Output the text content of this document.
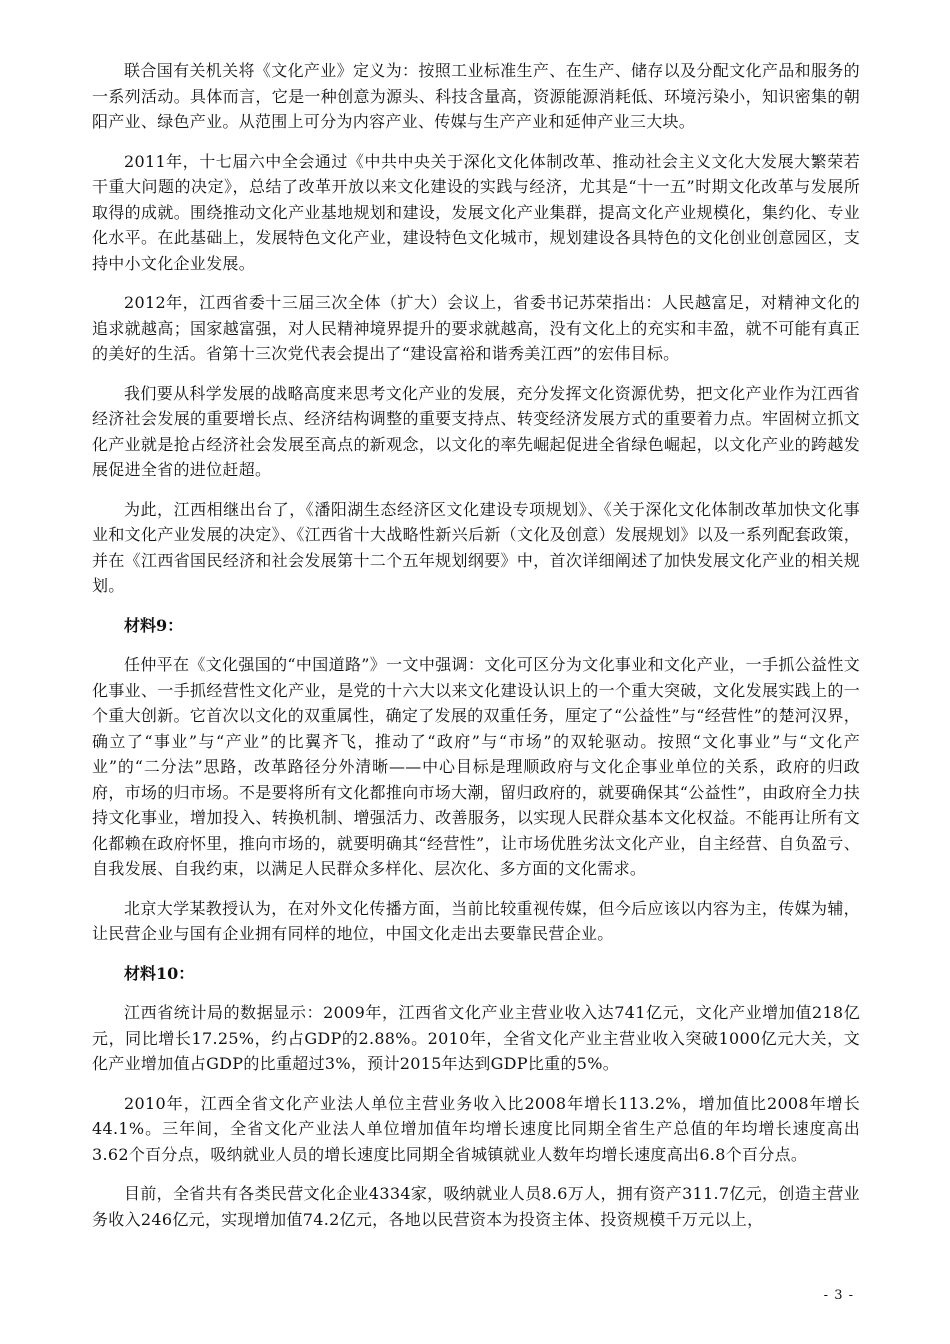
联合国有关机关将《文化产业》定义为：按照工业标准生产、在生产、储存以及分配文化产品和服务的一系列活动。具体而言，它是一种创意为源头、科技含量高，资源能源消耗低、环境污染小，知识密集的朝阳产业、绿色产业。从范围上可分为内容产业、传媒与生产产业和延伸产业三大块。

2011年，十七届六中全会通过《中共中央关于深化文化体制改革、推动社会主义文化大发展大繁荣若干重大问题的决定》，总结了改革开放以来文化建设的实践与经济，尤其是“十一五”时期文化改革与发展所取得的成就。围绕推动文化产业基地规划和建设，发展文化产业集群，提高文化产业规模化，集约化、专业化水平。在此基础上，发展特色文化产业，建设特色文化城市，规划建设各具特色的文化创业创意园区，支持中小文化企业发展。

2012年，江西省委十三届三次全体（扩大）会议上，省委书记苏荣指出：人民越富足，对精神文化的追求就越高；国家越富强，对人民精神境界提升的要求就越高，没有文化上的充实和丰盈，就不可能有真正的美好的生活。省第十三次党代表会提出了“建设富裕和谐秀美江西”的宏伟目标。

我们要从科学发展的战略高度来思考文化产业的发展，充分发挥文化资源优势，把文化产业作为江西省经济社会发展的重要增长点、经济结构调整的重要支持点、转变经济发展方式的重要着力点。牢固树立抓文化产业就是抢占经济社会发展至高点的新观念，以文化的率先崛起促进全省绿色崛起，以文化产业的跨越发展促进全省的进位赶超。

为此，江西相继出台了，《潘阳湖生态经济区文化建设专项规划》、《关于深化文化体制改革加快文化事业和文化产业发展的决定》、《江西省十大战略性新兴后新（文化及创意）发展规划》以及一系列配套政策，并在《江西省国民经济和社会发展第十二个五年规划纲要》中，首次详细阐述了加快发展文化产业的相关规划。

材料9：

任仲平在《文化强国的“中国道路”》一文中强调：文化可区分为文化事业和文化产业，一手抓公益性文化事业、一手抓经营性文化产业，是党的十六大以来文化建设认识上的一个重大突破，文化发展实践上的一个重大创新。它首次以文化的双重属性，确定了发展的双重任务，厘定了“公益性”与“经营性”的楚河汉界，确立了“事业”与“产业”的比翼齐飞，推动了“政府”与“市场”的双轮驱动。按照“文化事业”与“文化产业”的“二分法”思路，改革路径分外清晰——中心目标是理顺政府与文化企事业单位的关系，政府的归政府，市场的归市场。不是要将所有文化都推向市场大潮，留归政府的，就要确保其“公益性”，由政府全力扶持文化事业，增加投入、转换机制、增强活力、改善服务，以实现人民群众基本文化权益。不能再让所有文化都赖在政府怀里，推向市场的，就要明确其“经营性”，让市场优胜劣汰文化产业，自主经营、自负盈亏、自我发展、自我约束，以满足人民群众多样化、层次化、多方面的文化需求。

北京大学某教授认为，在对外文化传播方面，当前比较重视传媒，但今后应该以内容为主，传媒为辅，让民营企业与国有企业拥有同样的地位，中国文化走出去要靠民营企业。

材料10：

江西省统计局的数据显示：2009年，江西省文化产业主营业收入达741亿元，文化产业增加值218亿元，同比增长17.25%，约占GDP的2.88%。2010年，全省文化产业主营业收入突破1000亿元大关，文化产业增加值占GDP的比重超过3%，预计2015年达到GDP比重的5%。

2010年，江西全省文化产业法人单位主营业务收入比2008年增长113.2%，增加值比2008年增长44.1%。三年间，全省文化产业法人单位增加值年均增长速度比同期全省生产总值的年均增长速度高出3.62个百分点，吸纳就业人员的增长速度比同期全省城镇就业人数年均增长速度高出6.8个百分点。

目前，全省共有各类民营文化企业4334家，吸纳就业人员8.6万人，拥有资产311.7亿元，创造主营业务收入246亿元，实现增加值74.2亿元，各地以民营资本为投资主体、投资规模千万元以上，

- 3 -
